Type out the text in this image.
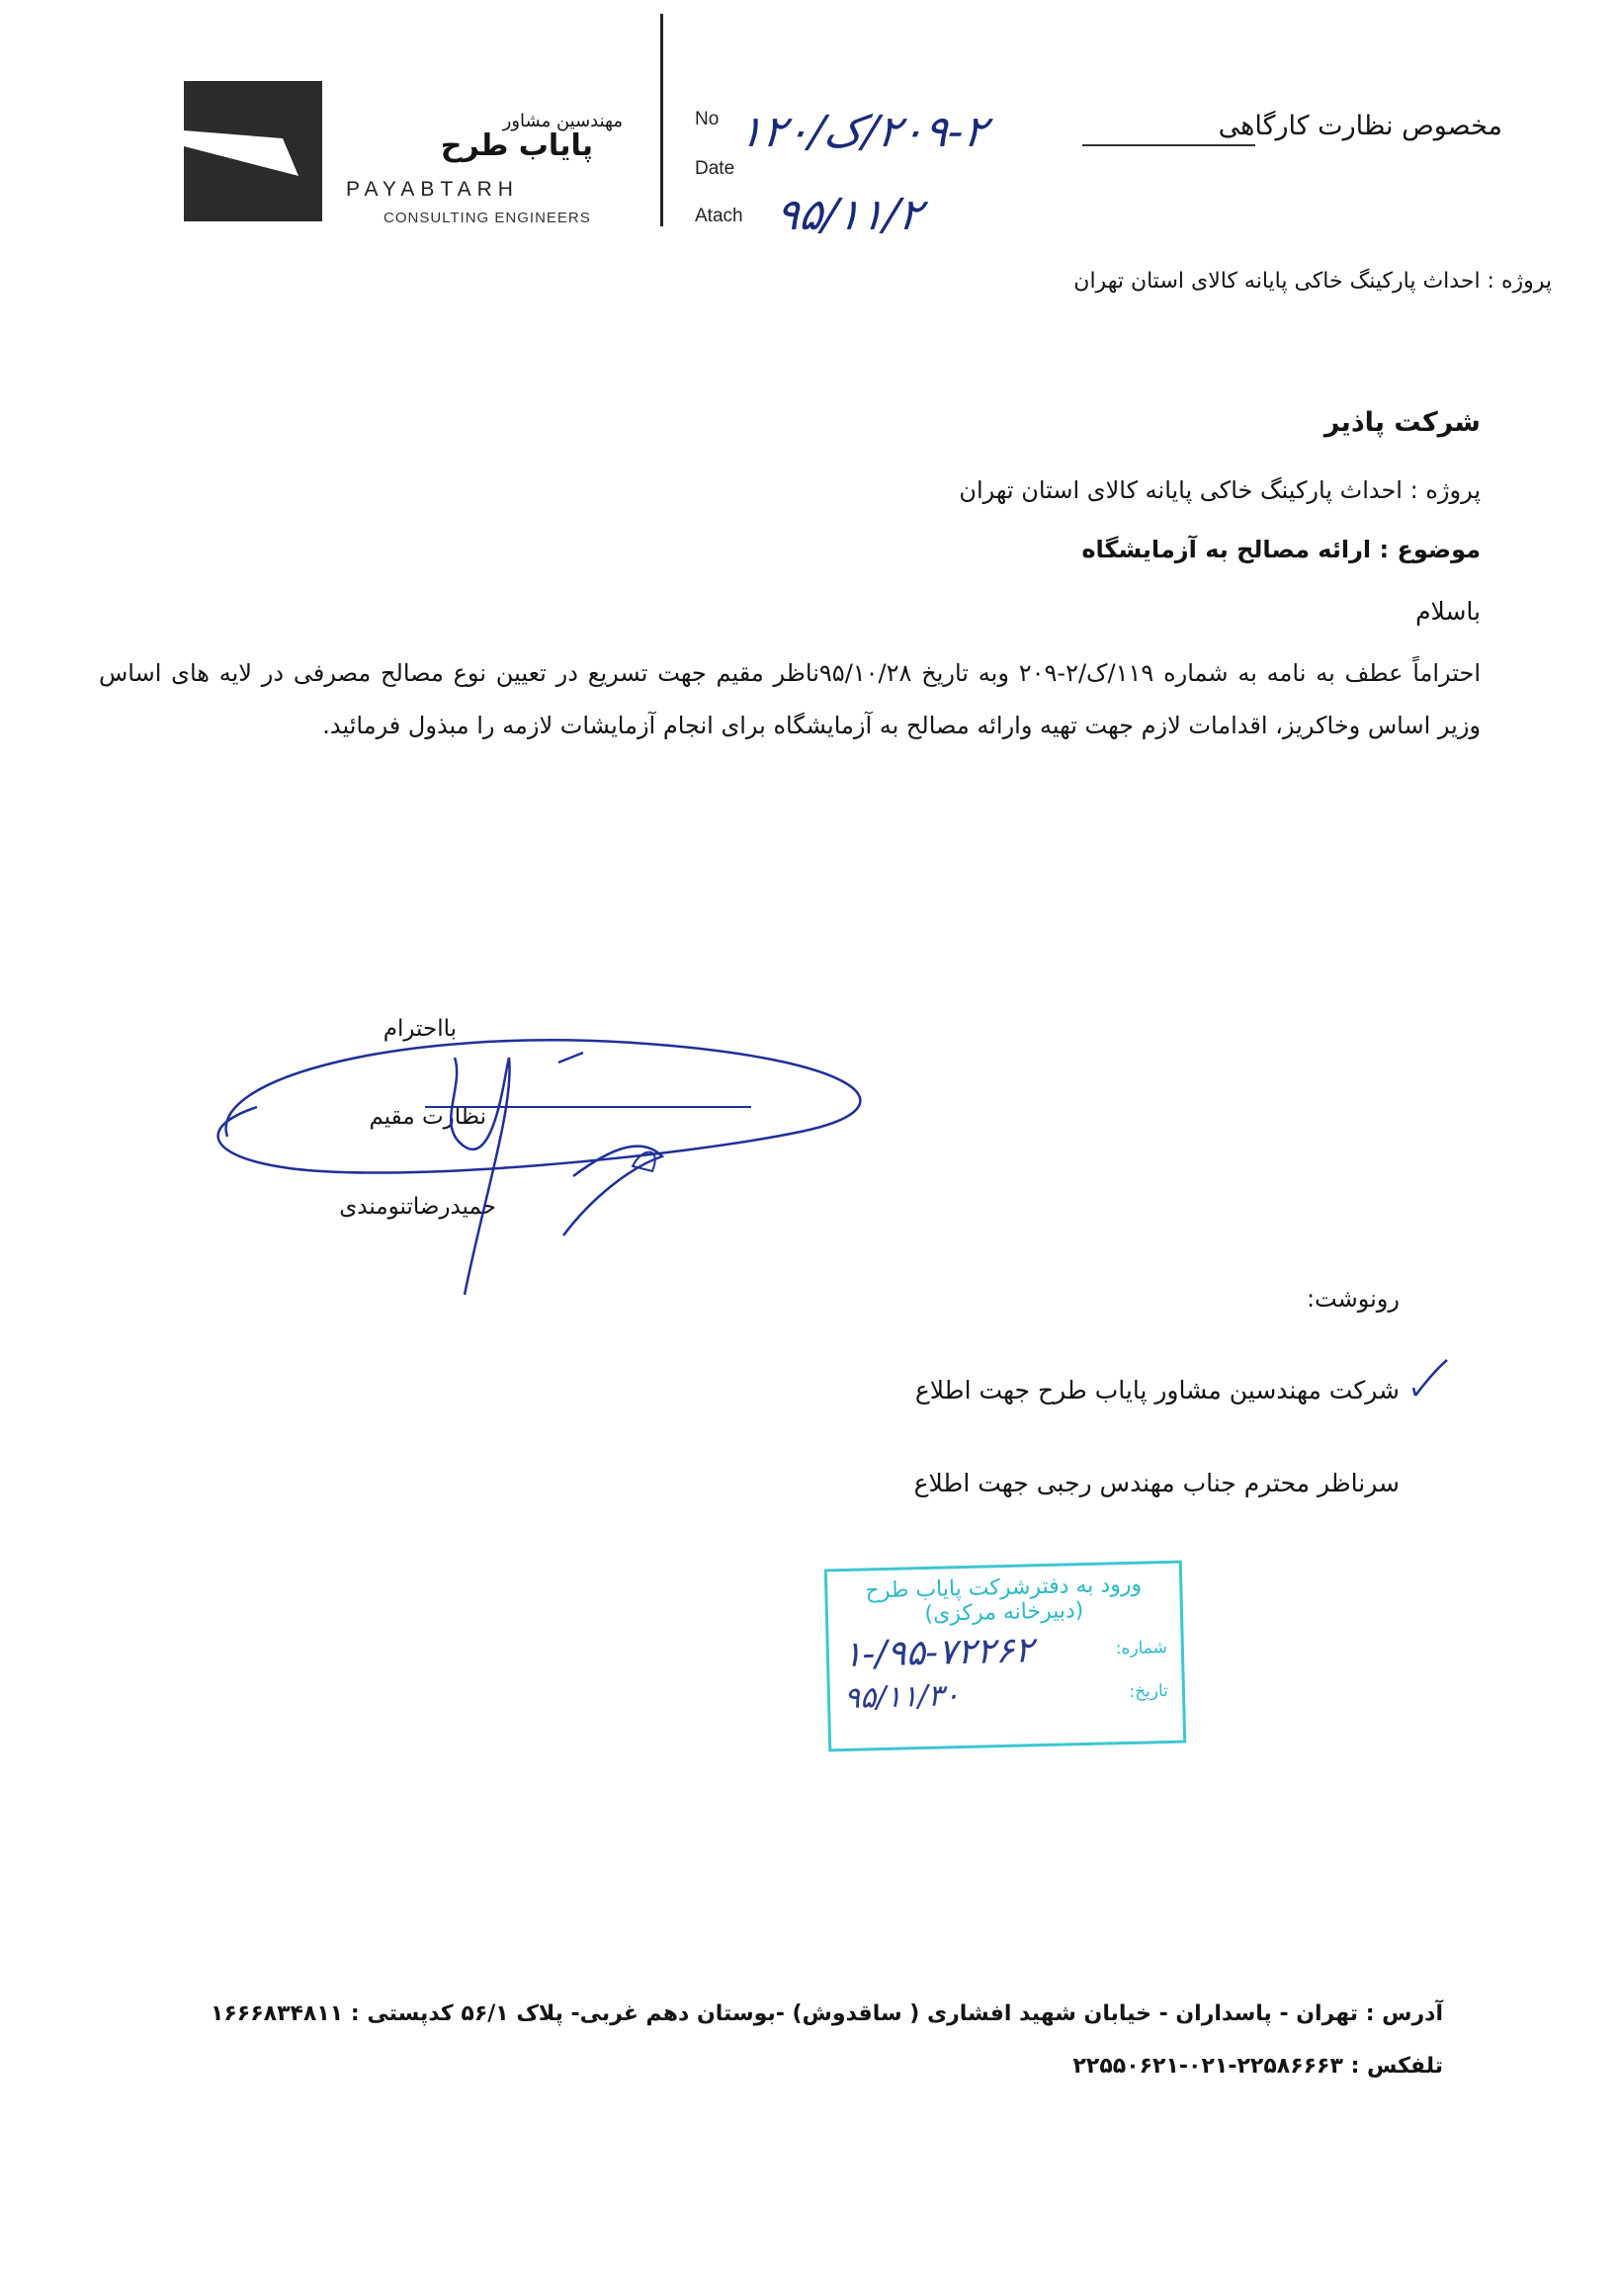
مهندسین مشاور
پایاب طرح
PAYABTARH
CONSULTING ENGINEERS
No
Date
Atach
۲۰۹-۲/ک/۱۲۰
۹۵/۱۱/۲
مخصوص نظارت کارگاهی
پروژه : احداث پارکینگ خاکی پایانه کالای استان تهران
شرکت پاذیر
پروژه : احداث پارکینگ خاکی پایانه کالای استان تهران
موضوع : ارائه مصالح به آزمایشگاه
باسلام
احتراماً عطف به نامه به شماره ۱۱۹/ک/۲-۲۰۹ وبه تاریخ ۹۵/۱۰/۲۸ناظر مقیم جهت تسریع در تعیین نوع مصالح مصرفی در لایه های اساس وزیر اساس وخاکریز، اقدامات لازم جهت تهیه وارائه مصالح به آزمایشگاه برای انجام آزمایشات لازمه را مبذول فرمائید.
بااحترام
نظارت مقیم
حمیدرضاتنومندی
رونوشت:
شرکت مهندسین مشاور پایاب طرح جهت اطلاع
سرناظر محترم جناب مهندس رجبی جهت اطلاع
ورود به دفترشرکت پایاب طرح
(دبیرخانه مرکزی)
شماره:
۱-/۹۵-۷۲۲۶۲
تاریخ:
۹۵/۱۱/۳۰
آدرس : تهران - پاسداران - خیابان شهید افشاری ( ساقدوش) -بوستان دهم غربی- پلاک ۵۶/۱ کدپستی : ۱۶۶۶۸۳۴۸۱۱
تلفکس : ۲۲۵۸۶۶۶۳-۰۲۱-۲۲۵۵۰۶۲۱
